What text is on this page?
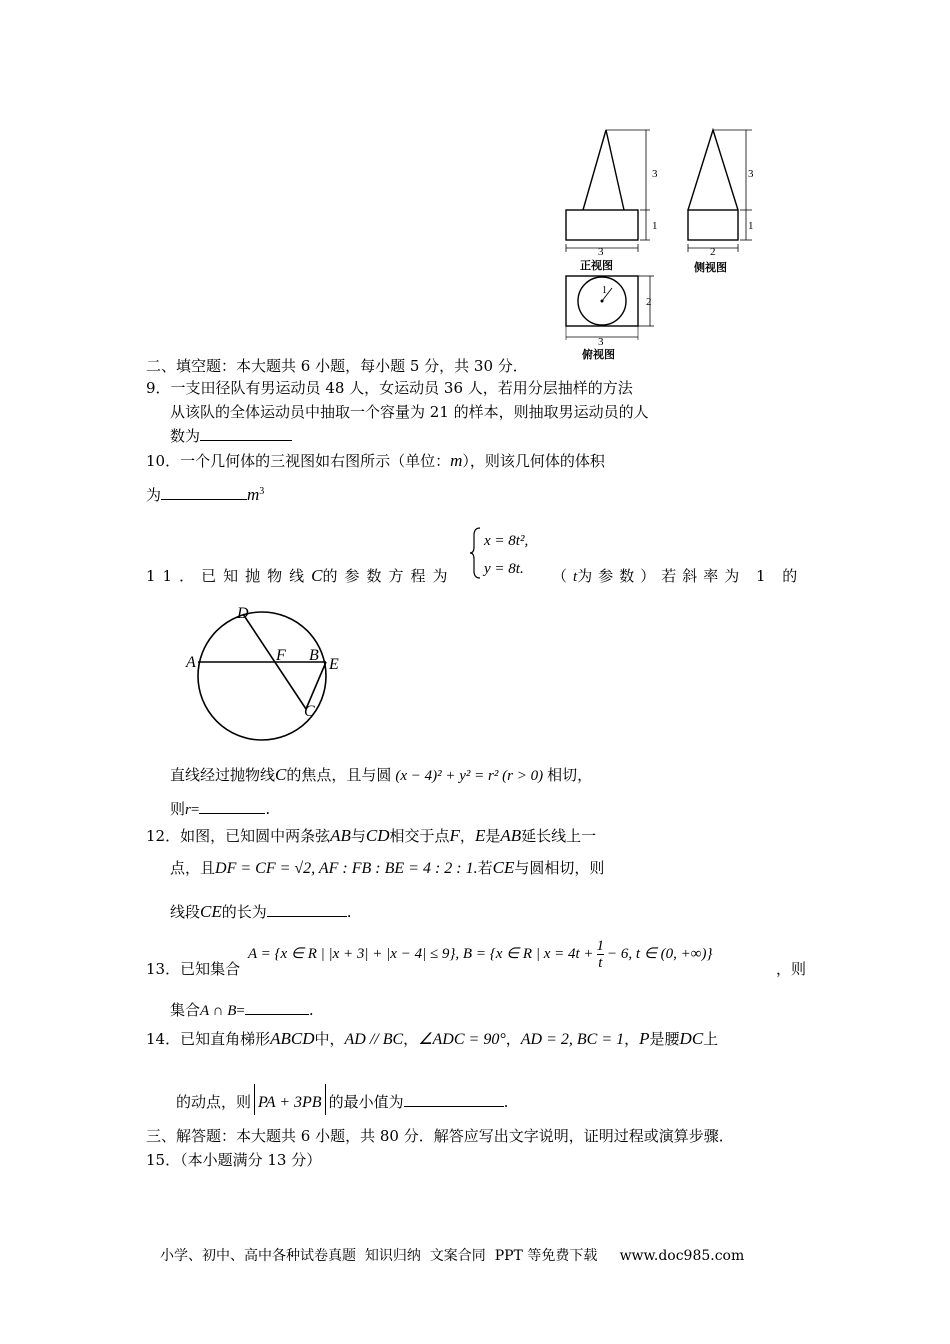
3
1
3
正视图
3
1
2
侧视图
1
2
3
俯视图
二、填空题：本大题共 6 小题，每小题 5 分，共 30 分．
9．一支田径队有男运动员 48 人，女运动员 36 人，若用分层抽样的方法
从该队的全体运动员中抽取一个容量为 21 的样本，则抽取男运动员的人
数为
10．一个几何体的三视图如右图所示（单位：m），则该几何体的体积
为	$m^3$
11．已知抛物线C的参数方程为
x = 8t²,
y = 8t. （t为参数）若斜率为 1 的
D
A	F B
E
C
直线经过抛物线C的焦点，且与圆 (x − 4)² + y² = r² (r > 0) 相切，
则r=	.
12．如图，已知圆中两条弦AB与CD相交于点F，E是AB延长线上一
点，且DF = CF = √2, AF : FB : BE = 4 : 2 : 1.若CE与圆相切，则
线段CE的长为	.
A = {x ∈ R | |x + 3| + |x − 4| ≤ 9}, B = {x ∈ R | $x = 4t + \frac{1}{t} - 6$, t ∈ (0, +∞)}
13．已知集合	，则
集合A ∩ B=	.
14．已知直角梯形ABCD中，AD // BC，∠ADC = 90°，AD = 2, BC = 1，P是腰DC上
的动点，则 PA + 3PB 的最小值为	.
三、解答题：本大题共 6 小题，共 80 分．解答应写出文字说明，证明过程或演算步骤．
15．（本小题满分 13 分）
小学、初中、高中各种试卷真题  知识归纳  文案合同  PPT 等免费下载     www.doc985.com
